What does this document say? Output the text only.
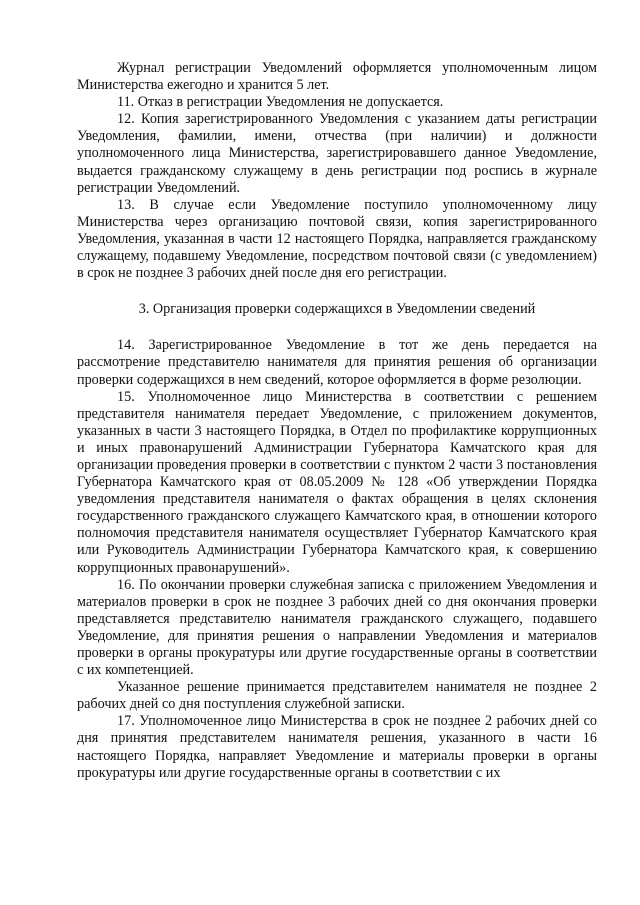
Журнал регистрации Уведомлений оформляется уполномоченным лицом Министерства ежегодно и хранится 5 лет.

11. Отказ в регистрации Уведомления не допускается.

12. Копия зарегистрированного Уведомления с указанием даты регистрации Уведомления, фамилии, имени, отчества (при наличии) и должности уполномоченного лица Министерства, зарегистрировавшего данное Уведомление, выдается гражданскому служащему в день регистрации под роспись в журнале регистрации Уведомлений.

13. В случае если Уведомление поступило уполномоченному лицу Министерства через организацию почтовой связи, копия зарегистрированного Уведомления, указанная в части 12 настоящего Порядка, направляется гражданскому служащему, подавшему Уведомление, посредством почтовой связи (с уведомлением) в срок не позднее 3 рабочих дней после дня его регистрации.

3. Организация проверки содержащихся в Уведомлении сведений

14. Зарегистрированное Уведомление в тот же день передается на рассмотрение представителю нанимателя для принятия решения об организации проверки содержащихся в нем сведений, которое оформляется в форме резолюции.

15. Уполномоченное лицо Министерства в соответствии с решением представителя нанимателя передает Уведомление, с приложением документов, указанных в части 3 настоящего Порядка, в Отдел по профилактике коррупционных и иных правонарушений Администрации Губернатора Камчатского края для организации проведения проверки в соответствии с пунктом 2 части 3 постановления Губернатора Камчатского края от 08.05.2009 № 128 «Об утверждении Порядка уведомления представителя нанимателя о фактах обращения в целях склонения государственного гражданского служащего Камчатского края, в отношении которого полномочия представителя нанимателя осуществляет Губернатор Камчатского края или Руководитель Администрации Губернатора Камчатского края, к совершению коррупционных правонарушений».

16. По окончании проверки служебная записка с приложением Уведомления и материалов проверки в срок не позднее 3 рабочих дней со дня окончания проверки представляется представителю нанимателя гражданского служащего, подавшего Уведомление, для принятия решения о направлении Уведомления и материалов проверки в органы прокуратуры или другие государственные органы в соответствии с их компетенцией.

Указанное решение принимается представителем нанимателя не позднее 2 рабочих дней со дня поступления служебной записки.

17. Уполномоченное лицо Министерства в срок не позднее 2 рабочих дней со дня принятия представителем нанимателя решения, указанного в части 16 настоящего Порядка, направляет Уведомление и материалы проверки в органы прокуратуры или другие государственные органы в соответствии с их
